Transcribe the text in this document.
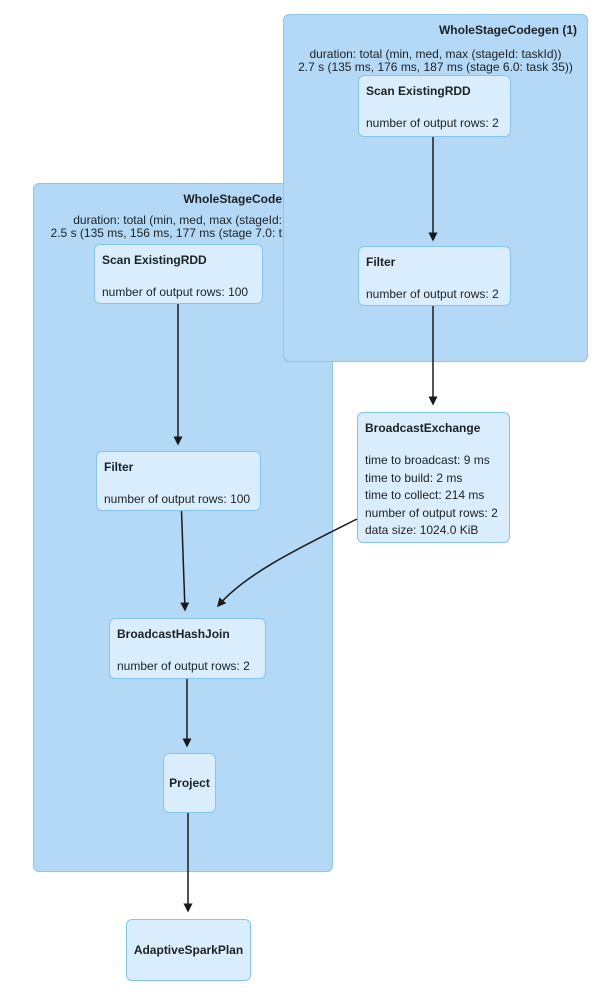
WholeStageCode
duration: total (min, med, max (stageId:
2.5 s (135 ms, 156 ms, 177 ms (stage 7.0: t
Scan ExistingRDD
number of output rows: 100
Filter
number of output rows: 100
BroadcastHashJoin
number of output rows: 2
Project
WholeStageCodegen (1)
duration: total (min, med, max (stageId: taskId))
2.7 s (135 ms, 176 ms, 187 ms (stage 6.0: task 35))
Scan ExistingRDD
number of output rows: 2
Filter
number of output rows: 2
BroadcastExchange
time to broadcast: 9 ms
time to build: 2 ms
time to collect: 214 ms
number of output rows: 2
data size: 1024.0 KiB
AdaptiveSparkPlan
